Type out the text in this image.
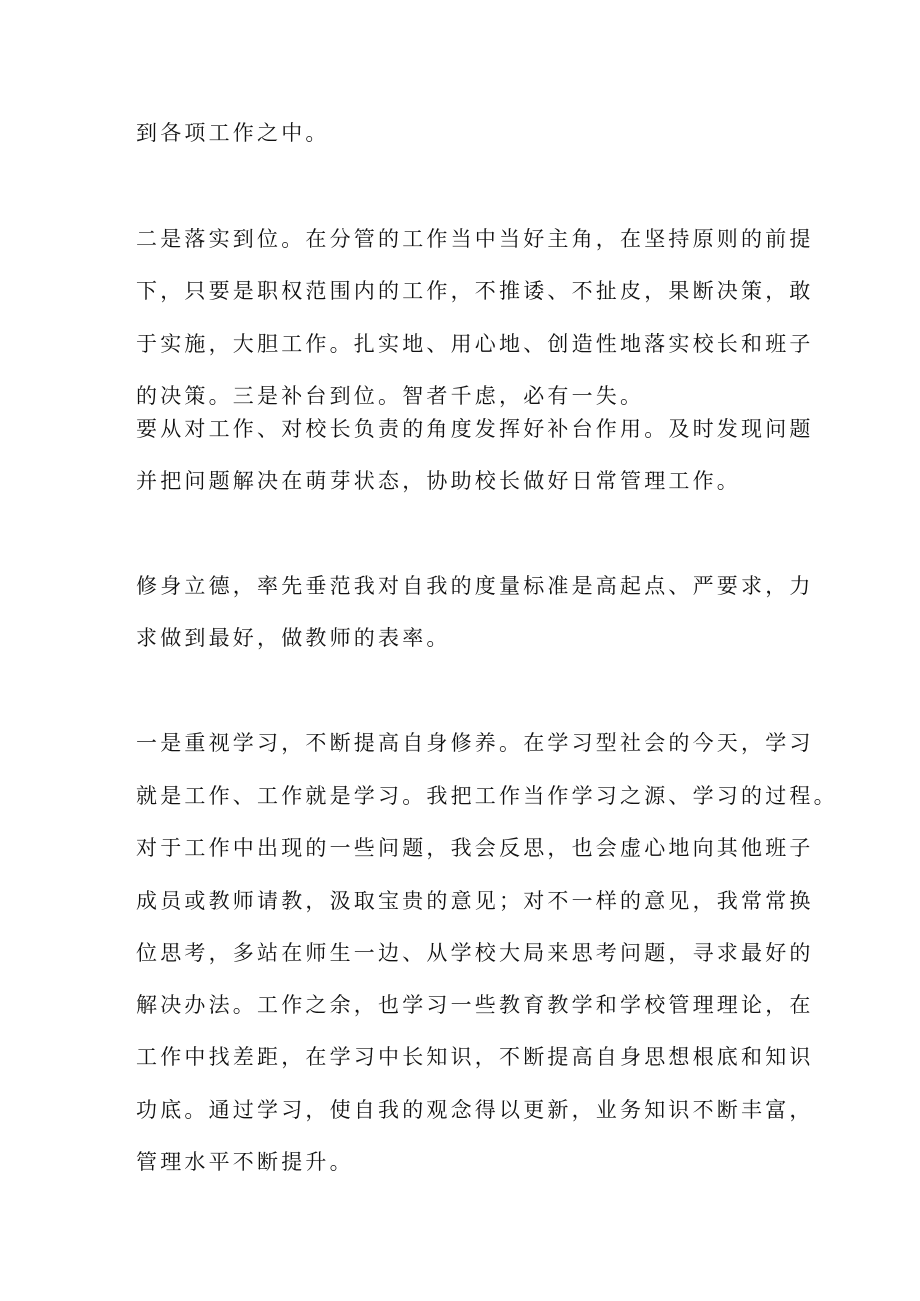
到各项工作之中。
二是落实到位。在分管的工作当中当好主角，在坚持原则的前提
下，只要是职权范围内的工作，不推诿、不扯皮，果断决策，敢
于实施，大胆工作。扎实地、用心地、创造性地落实校长和班子
的决策。三是补台到位。智者千虑，必有一失。
要从对工作、对校长负责的角度发挥好补台作用。及时发现问题
并把问题解决在萌芽状态，协助校长做好日常管理工作。
修身立德，率先垂范我对自我的度量标准是高起点、严要求，力
求做到最好，做教师的表率。
一是重视学习，不断提高自身修养。在学习型社会的今天，学习
就是工作、工作就是学习。我把工作当作学习之源、学习的过程。
对于工作中出现的一些问题，我会反思，也会虚心地向其他班子
成员或教师请教，汲取宝贵的意见；对不一样的意见，我常常换
位思考，多站在师生一边、从学校大局来思考问题，寻求最好的
解决办法。工作之余，也学习一些教育教学和学校管理理论，在
工作中找差距，在学习中长知识，不断提高自身思想根底和知识
功底。通过学习，使自我的观念得以更新，业务知识不断丰富，
管理水平不断提升。
